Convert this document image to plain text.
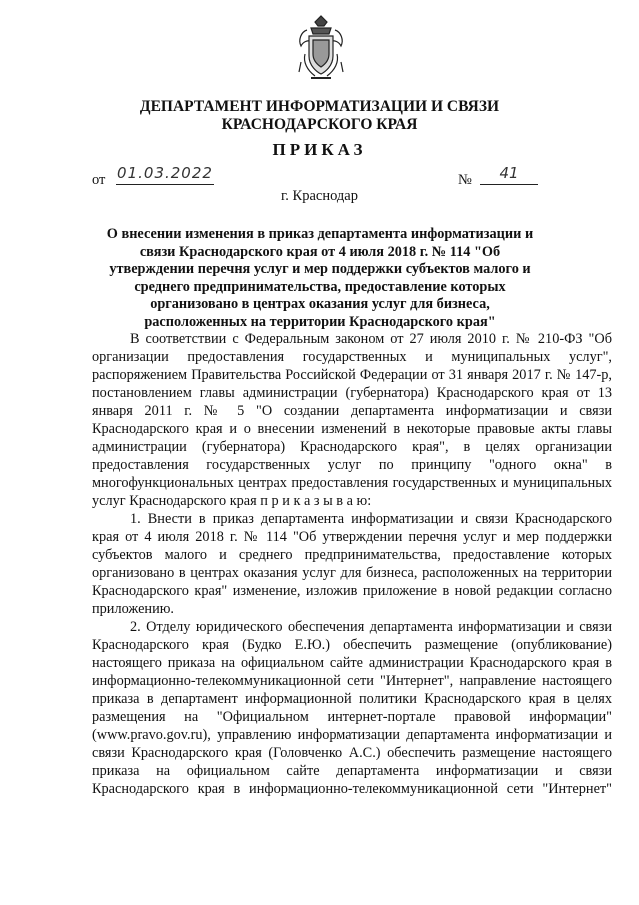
ДЕПАРТАМЕНТ ИНФОРМАТИЗАЦИИ И СВЯЗИ
КРАСНОДАРСКОГО КРАЯ
ПРИКАЗ
от 01.03.2022	№	41
г. Краснодар
О внесении изменения в приказ департамента информатизации и связи Краснодарского края от 4 июля 2018 г. № 114 "Об утверждении перечня услуг и мер поддержки субъектов малого и среднего предпринимательства, предоставление которых организовано в центрах оказания услуг для бизнеса, расположенных на территории Краснодарского края"

В соответствии с Федеральным законом от 27 июля 2010 г. № 210-ФЗ "Об организации предоставления государственных и муниципальных услуг", распоряжением Правительства Российской Федерации от 31 января 2017 г. № 147-р, постановлением главы администрации (губернатора) Краснодарского края от 13 января 2011 г. № 5 "О создании департамента информатизации и связи Краснодарского края и о внесении изменений в некоторые правовые акты главы администрации (губернатора) Краснодарского края", в целях организации предоставления государственных услуг по принципу "одного окна" в многофункциональных центрах предоставления государственных и муниципальных услуг Краснодарского края п р и к а з ы в а ю:

1. Внести в приказ департамента информатизации и связи Краснодарского края от 4 июля 2018 г. № 114 "Об утверждении перечня услуг и мер поддержки субъектов малого и среднего предпринимательства, предоставление которых организовано в центрах оказания услуг для бизнеса, расположенных на территории Краснодарского края" изменение, изложив приложение в новой редакции согласно приложению.

2. Отделу юридического обеспечения департамента информатизации и связи Краснодарского края (Будко Е.Ю.) обеспечить размещение (опубликование) настоящего приказа на официальном сайте администрации Краснодарского края в информационно-телекоммуникационной сети "Интернет", направление настоящего приказа в департамент информационной политики Краснодарского края в целях размещения на "Официальном интернет-портале правовой информации" (www.pravo.gov.ru), управлению информатизации департамента информатизации и связи Краснодарского края (Головченко А.С.) обеспечить размещение настоящего приказа на официальном сайте департамента информатизации и связи Краснодарского края в информационно-телекоммуникационной сети "Интернет"
